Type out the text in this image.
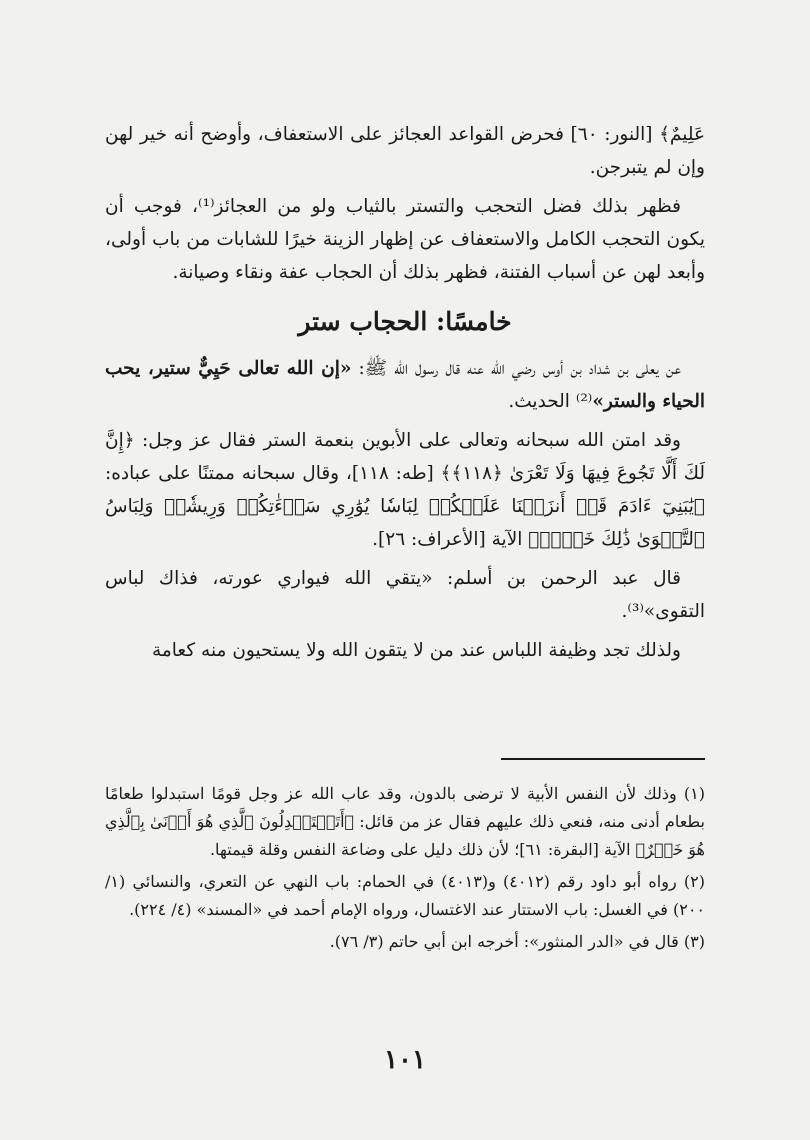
عَلِيمٌ﴾ [النور: ٦٠] فحرض القواعد العجائز على الاستعفاف، وأوضح أنه خير لهن وإن لم يتبرجن.

فظهر بذلك فضل التحجب والتستر بالثياب ولو من العجائز⁽¹⁾، فوجب أن يكون التحجب الكامل والاستعفاف عن إظهار الزينة خيرًا للشابات من باب أولى، وأبعد لهن عن أسباب الفتنة، فظهر بذلك أن الحجاب عفة ونقاء وصيانة.

خامسًا: الحجاب ستر

عن يعلى بن شداد بن أوس رضي الله عنه قال رسول الله ﷺ: «إن الله تعالى حَيِيٌّ ستير، يحب الحياء والستر»⁽²⁾ الحديث.

وقد امتن الله سبحانه وتعالى على الأبوين بنعمة الستر فقال عز وجل: ﴿إِنَّ لَكَ أَلَّا تَجُوعَ فِيهَا وَلَا تَعْرَىٰ ﴿١١٨﴾﴾ [طه: ١١٨]، وقال سبحانه ممتنًا على عباده: ﴿يَٰبَنِيٓ ءَادَمَ قَدۡ أَنزَلۡنَا عَلَيۡكُمۡ لِبَاسٗا يُوَٰرِي سَوۡءَٰتِكُمۡ وَرِيشٗاۖ وَلِبَاسُ ٱلتَّقۡوَىٰ ذَٰلِكَ خَيۡرٞ﴾ الآية [الأعراف: ٢٦].

قال عبد الرحمن بن أسلم: «يتقي الله فيواري عورته، فذاك لباس التقوى»⁽³⁾.

ولذلك تجد وظيفة اللباس عند من لا يتقون الله ولا يستحيون منه كعامة

(١) وذلك لأن النفس الأبية لا ترضى بالدون، وقد عاب الله عز وجل قومًا استبدلوا طعامًا بطعام أدنى منه، فنعي ذلك عليهم فقال عز من قائل: ﴿أَتَسۡتَبۡدِلُونَ ٱلَّذِي هُوَ أَدۡنَىٰ بِٱلَّذِي هُوَ خَيۡرٌ﴾ الآية [البقرة: ٦١]؛ لأن ذلك دليل على وضاعة النفس وقلة قيمتها.

(٢) رواه أبو داود رقم (٤٠١٢) و(٤٠١٣) في الحمام: باب النهي عن التعري، والنسائي (١/ ٢٠٠) في الغسل: باب الاستتار عند الاغتسال، ورواه الإمام أحمد في «المسند» (٤/ ٢٢٤).

(٣) قال في «الدر المنثور»: أخرجه ابن أبي حاتم (٣/ ٧٦).

١٠١
